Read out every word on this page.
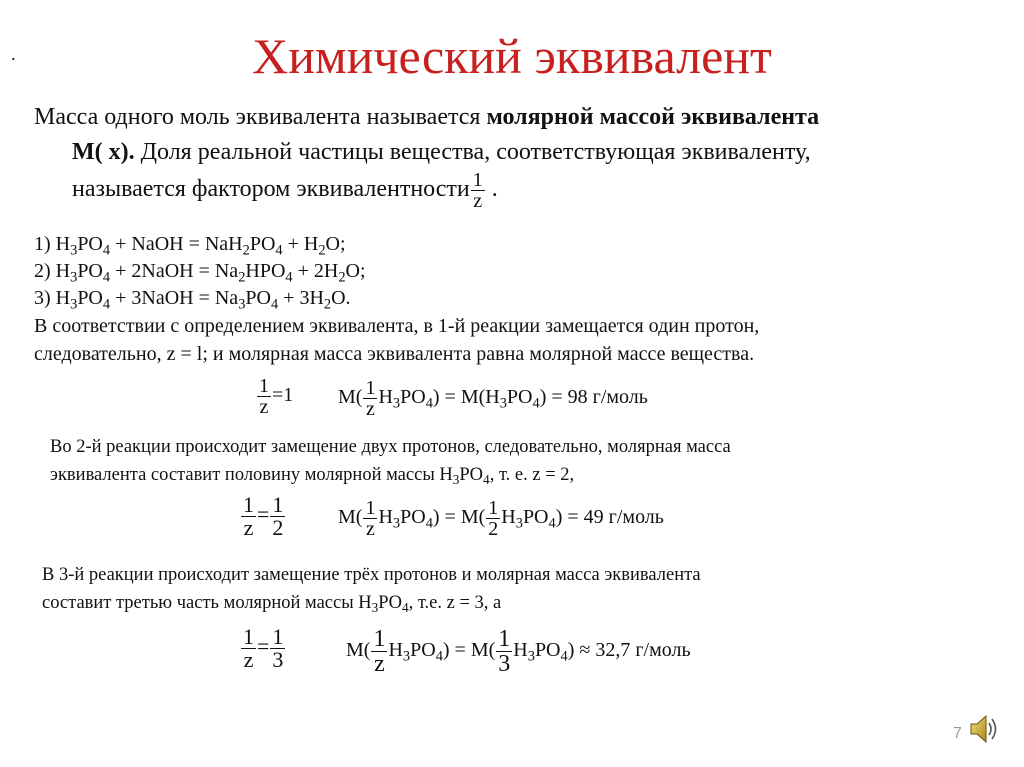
.	Химический эквивалент
Масса одного моль эквивалента называется молярной массой эквивалента
M( x). Доля реальной частицы вещества, соответствующая эквиваленту,
называется фактором эквивалентности $\frac{1}{z}$ .
1) $H_3PO_4$ + NaOH = $NaH_2PO_4 + H_2O$;
2) $H_3PO_4$ + 2NaOH = $Na_2HPO_4 + 2H_2O$;
3) $H_3PO_4$ + 3NaOH = $Na_3PO_4 + 3H_2O$.
В соответствии с определением эквивалента, в 1-й реакции замещается один протон,
следовательно, z = l; и молярная масса эквивалента равна молярной массе вещества.
$\frac{1}{z} =1$ $M( \frac{1}{z} H_3PO_4) = M(H_3PO_4) = 98$ г/моль
Во 2-й реакции происходит замещение двух протонов, следовательно, молярная масса
эквивалента составит половину молярной массы $H_3PO_4$, т. е. z = 2,
$\frac{1}{z} = \frac{1}{2}$	$M( \frac{1}{z} H_3PO_4) = M( \frac{1}{2} H_3PO_4) = 49$ г/моль
В 3-й реакции происходит замещение трёх протонов и молярная масса эквивалента
составит третью часть молярной массы $H_3PO_4$, т.е. z = 3, а
$\frac{1}{z} = \frac{1}{3}$	$M( \frac{1}{z} H_3PO_4) = M( \frac{1}{3} H_3PO_4) \approx 32,7$ г/моль
7
